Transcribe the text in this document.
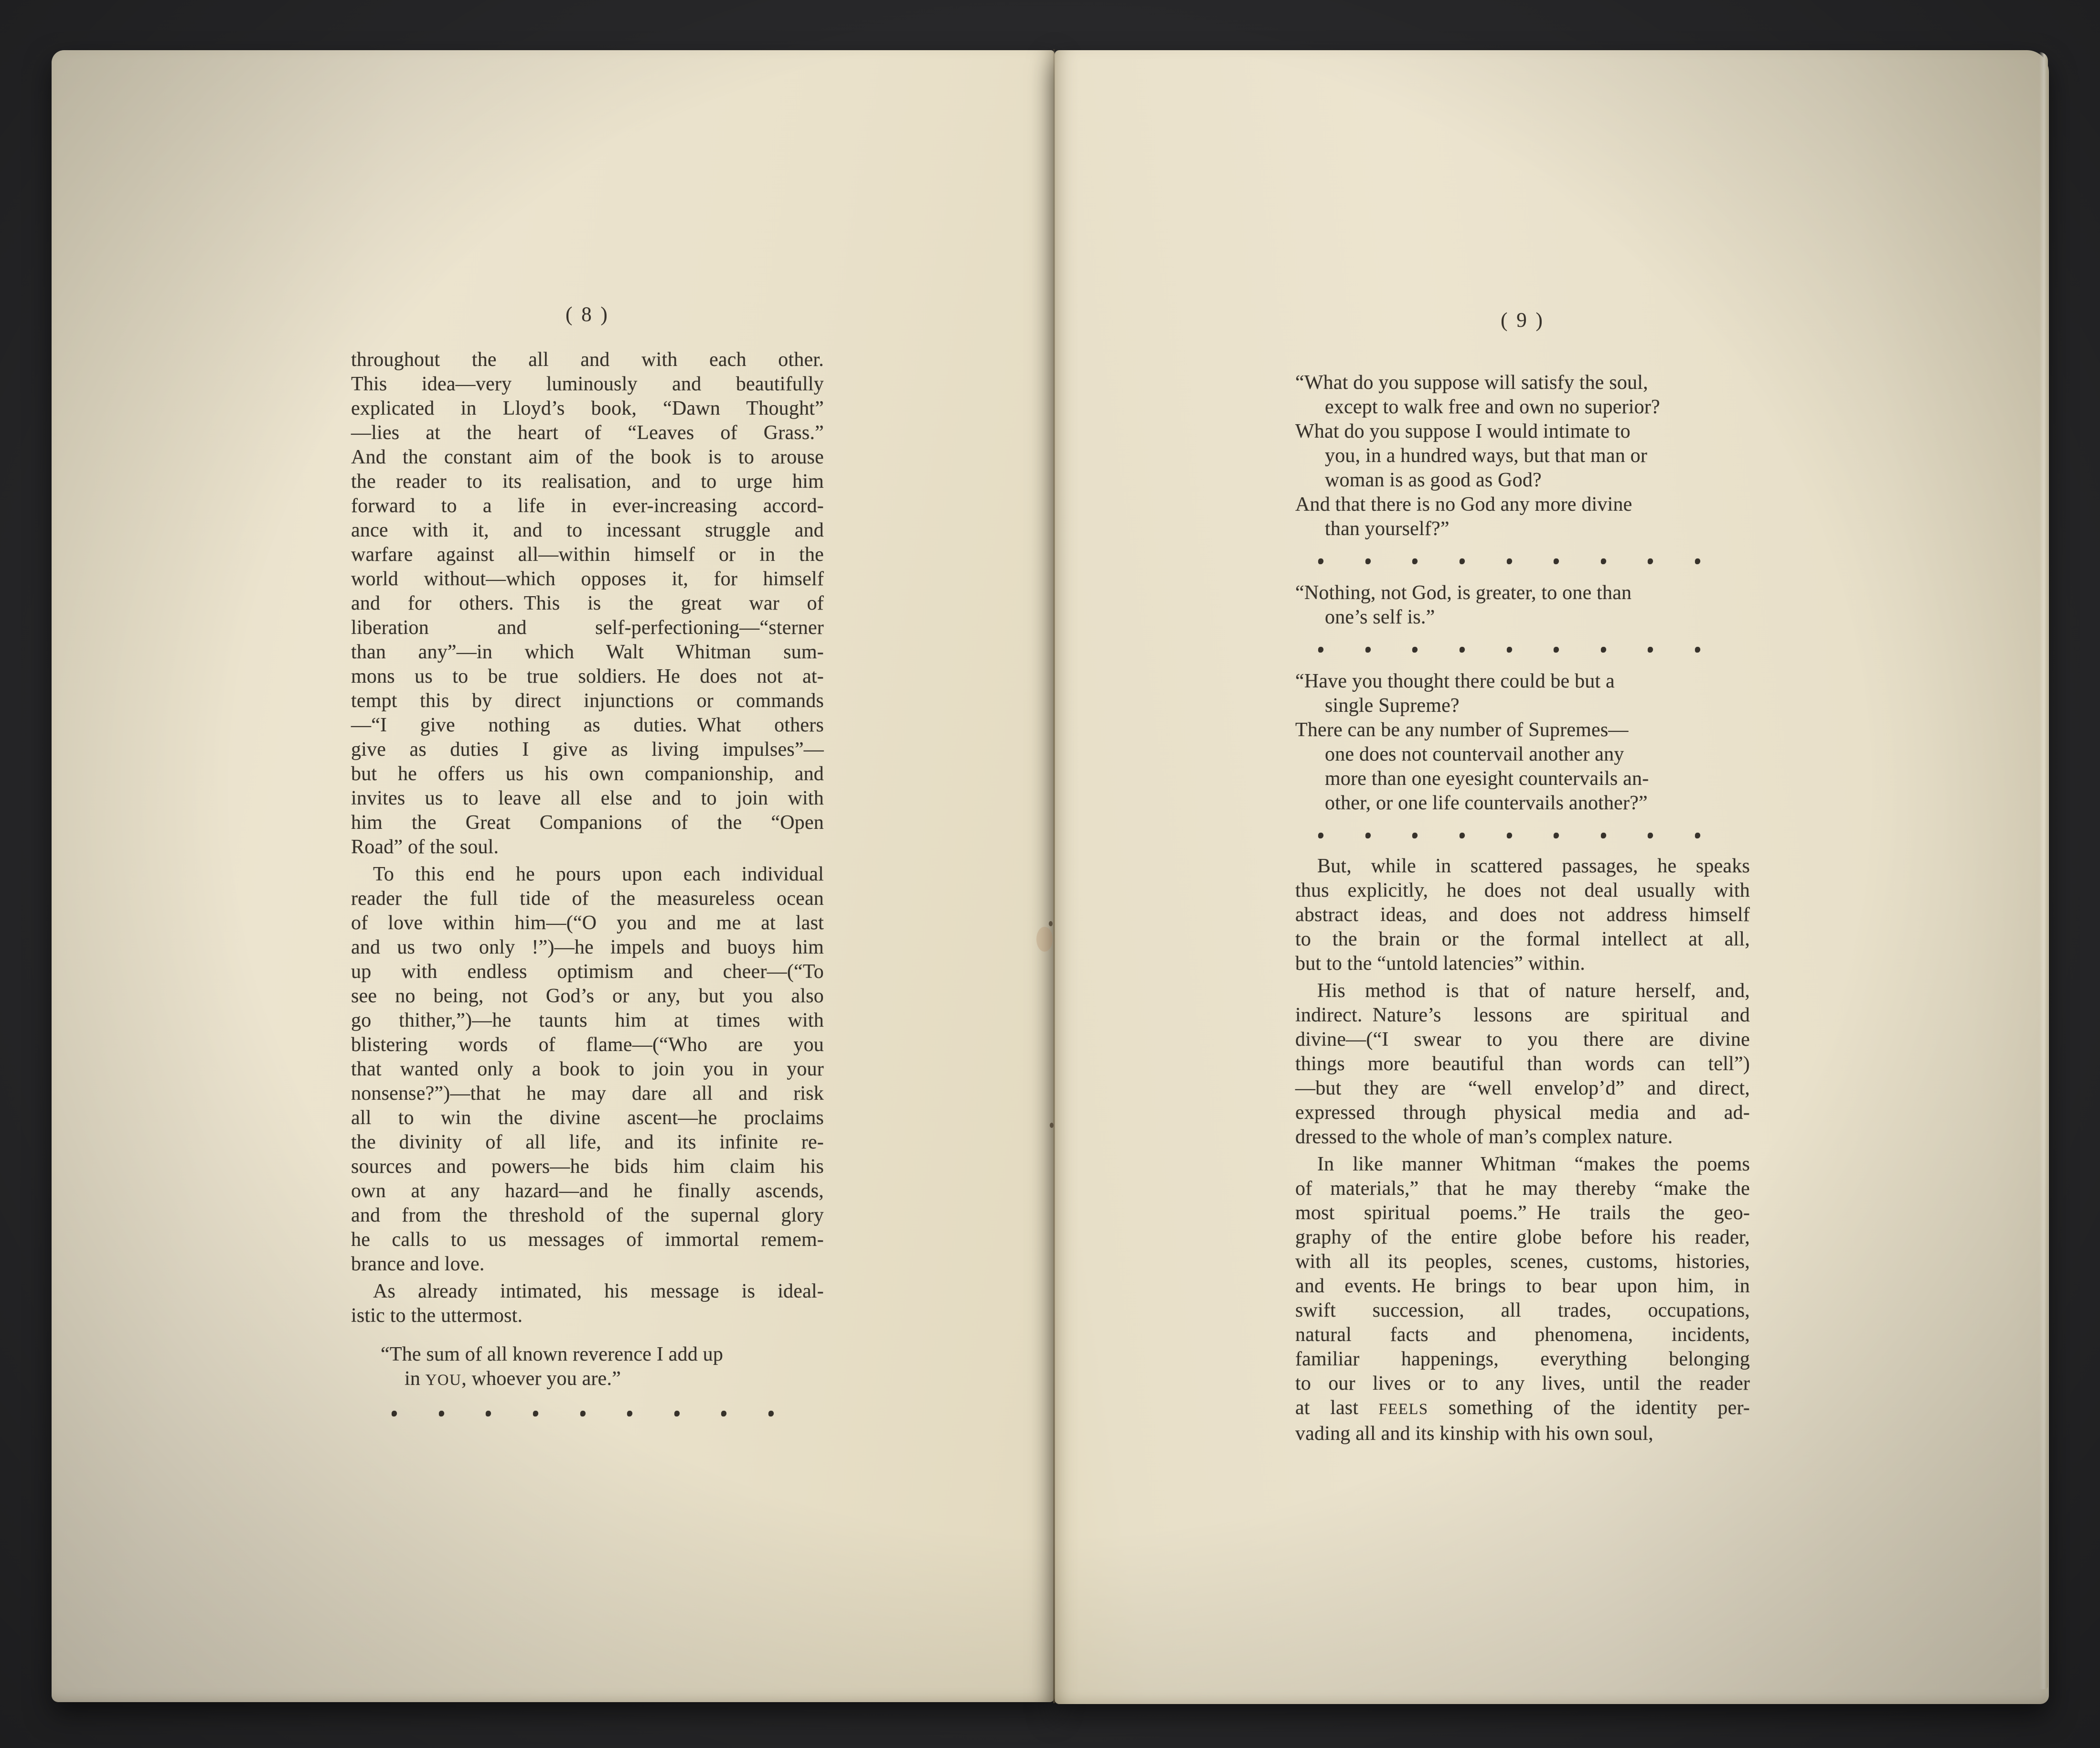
( 8 )
throughout the all and with each other.
This idea—very luminously and beautifully
explicated in Lloyd’s book, “Dawn Thought”
—lies at the heart of “Leaves of Grass.”
And the constant aim of the book is to arouse
the reader to its realisation, and to urge him
forward to a life in ever-increasing accord-
ance with it, and to incessant struggle and
warfare against all—within himself or in the
world without—which opposes it, for himself
and for others. This is the great war of
liberation and self-perfectioning—“sterner
than any”—in which Walt Whitman sum-
mons us to be true soldiers. He does not at-
tempt this by direct injunctions or commands
—“I give nothing as duties. What others
give as duties I give as living impulses”—
but he offers us his own companionship, and
invites us to leave all else and to join with
him the Great Companions of the “Open
Road” of the soul.
To this end he pours upon each individual
reader the full tide of the measureless ocean
of love within him—(“O you and me at last
and us two only !”)—he impels and buoys him
up with endless optimism and cheer—(“To
see no being, not God’s or any, but you also
go thither,”)—he taunts him at times with
blistering words of flame—(“Who are you
that wanted only a book to join you in your
nonsense?”)—that he may dare all and risk
all to win the divine ascent—he proclaims
the divinity of all life, and its infinite re-
sources and powers—he bids him claim his
own at any hazard—and he finally ascends,
and from the threshold of the supernal glory
he calls to us messages of immortal remem-
brance and love.
As already intimated, his message is ideal-
istic to the uttermost.
“The sum of all known reverence I add up
in YOU, whoever you are.”
( 9 )
“What do you suppose will satisfy the soul,
except to walk free and own no superior?
What do you suppose I would intimate to
you, in a hundred ways, but that man or
woman is as good as God?
And that there is no God any more divine
than yourself?”
“Nothing, not God, is greater, to one than
one’s self is.”
“Have you thought there could be but a
single Supreme?
There can be any number of Supremes—
one does not countervail another any
more than one eyesight countervails an-
other, or one life countervails another?”
But, while in scattered passages, he speaks
thus explicitly, he does not deal usually with
abstract ideas, and does not address himself
to the brain or the formal intellect at all,
but to the “untold latencies” within.
His method is that of nature herself, and,
indirect. Nature’s lessons are spiritual and
divine—(“I swear to you there are divine
things more beautiful than words can tell”)
—but they are “well envelop’d” and direct,
expressed through physical media and ad-
dressed to the whole of man’s complex nature.
In like manner Whitman “makes the poems
of materials,” that he may thereby “make the
most spiritual poems.” He trails the geo-
graphy of the entire globe before his reader,
with all its peoples, scenes, customs, histories,
and events. He brings to bear upon him, in
swift succession, all trades, occupations,
natural facts and phenomena, incidents,
familiar happenings, everything belonging
to our lives or to any lives, until the reader
at last FEELS something of the identity per-
vading all and its kinship with his own soul,
